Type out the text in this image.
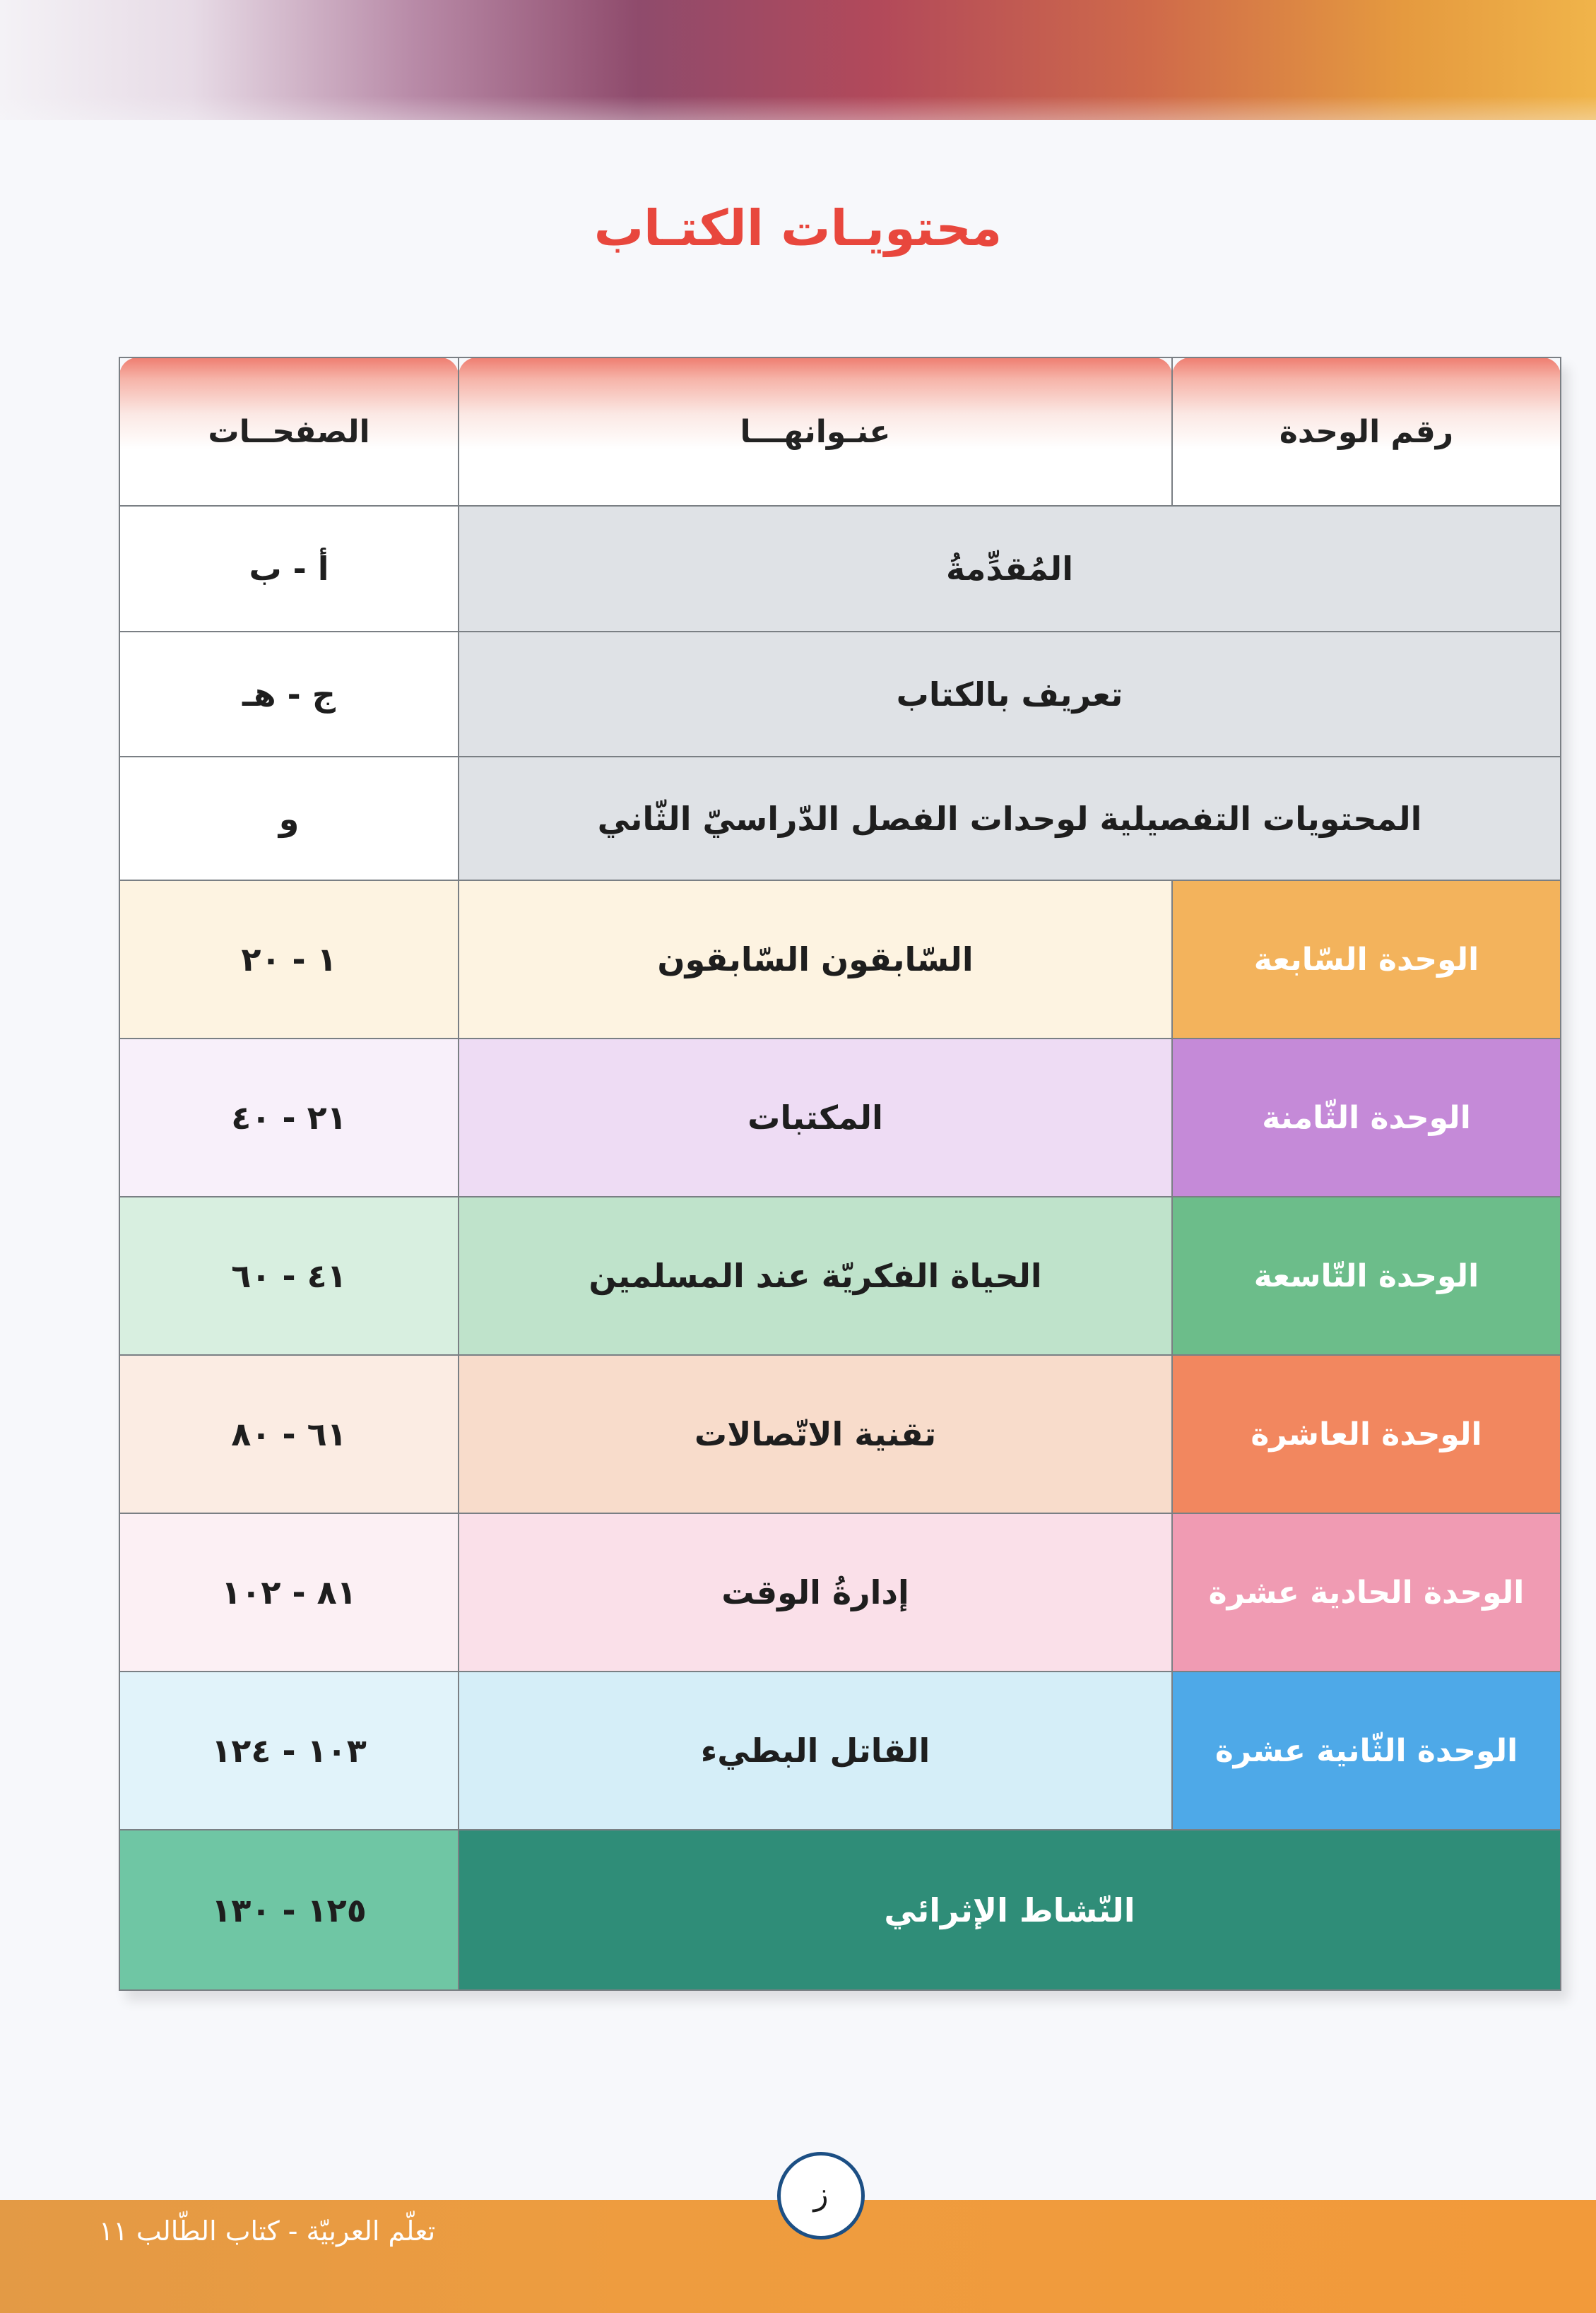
محتويـات الكتـاب
رقم الوحدة	عنـوانهـــا	الصفحــات
المُقدِّمةُ		أ - ب
تعريف بالكتاب		ج - هـ
المحتويات التفصيلية لوحدات الفصل الدّراسيّ الثّاني		و
الوحدة السّابعة	السّابقون السّابقون	١ - ٢٠
الوحدة الثّامنة	المكتبات	٢١ - ٤٠
الوحدة التّاسعة	الحياة الفكريّة عند المسلمين	٤١ - ٦٠
الوحدة العاشرة	تقنية الاتّصالات	٦١ - ٨٠
الوحدة الحادية عشرة	إدارةُ الوقت	٨١ - ١٠٢
الوحدة الثّانية عشرة	القاتل البطيء	١٠٣ - ١٢٤
النّشاط الإثرائي		١٢٥ - ١٣٠
ز
تعلّم العربيّة - كتاب الطّالب ١١
